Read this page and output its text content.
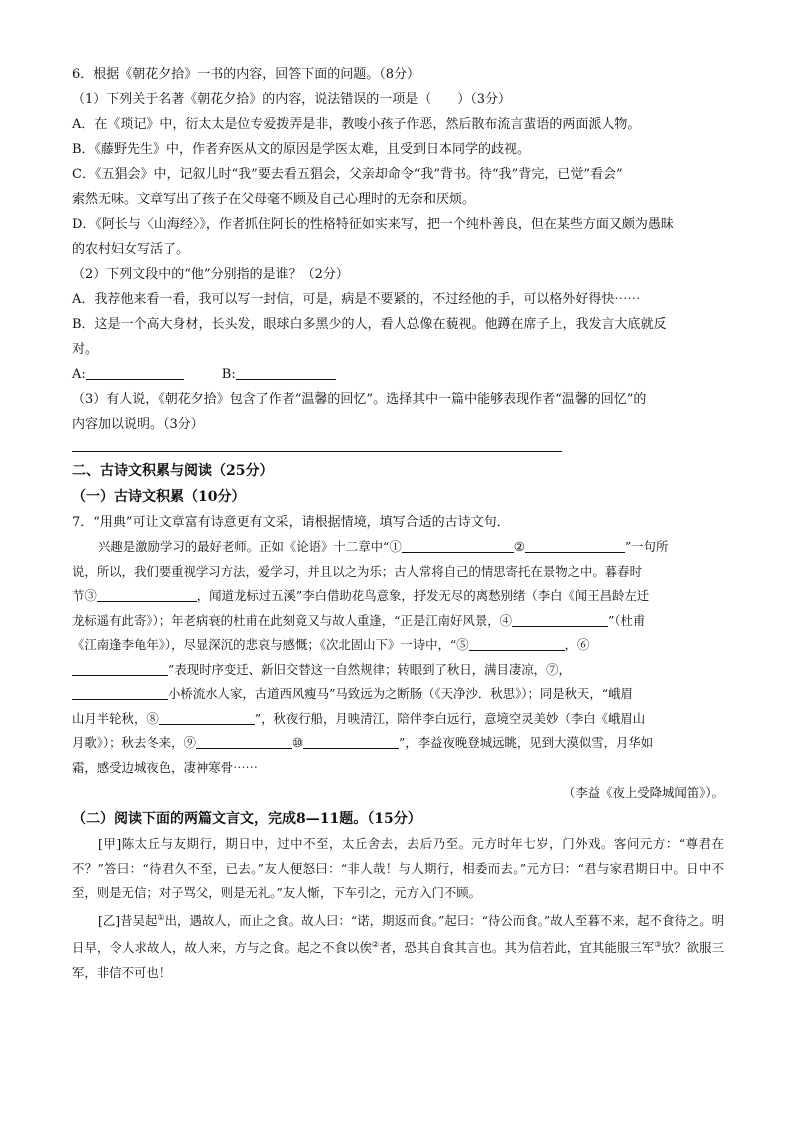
6．根据《朝花夕拾》一书的内容，回答下面的问题。（8分）

（1）下列关于名著《朝花夕拾》的内容，说法错误的一项是（　　）（3分）

A．在《琐记》中，衍太太是位专爱拨弄是非，教唆小孩子作恶，然后散布流言蜚语的两面派人物。

B．《藤野先生》中，作者弃医从文的原因是学医太难，且受到日本同学的歧视。

C．《五猖会》中，记叙儿时“我”要去看五猖会，父亲却命令“我”背书。待“我”背完，已觉”看会”

索然无味。文章写出了孩子在父母毫不顾及自己心理时的无奈和厌烦。

D．《阿长与〈山海经〉》，作者抓住阿长的性格特征如实来写，把一个纯朴善良，但在某些方面又颇为愚昧

的农村妇女写活了。

（2）下列文段中的“他”分别指的是谁？（2分）

A．我荐他来看一看，我可以写一封信，可是，病是不要紧的，不过经他的手，可以格外好得快⋯⋯

B．这是一个高大身材，长头发，眼球白多黑少的人，看人总像在藐视。他蹲在席子上，我发言大底就反

对。

A:	B:

（3）有人说，《朝花夕拾》包含了作者“温馨的回忆”。选择其中一篇中能够表现作者“温馨的回忆”的

内容加以说明。（3分）

二、古诗文积累与阅读（25分）

（一）古诗文积累（10分）

7．“用典”可让文章富有诗意更有文采，请根据情境，填写合适的古诗文句．

兴趣是激励学习的最好老师。正如《论语》十二章中“①	②	”一句所

说，所以，我们要重视学习方法，爱学习，并且以之为乐；古人常将自己的情思寄托在景物之中。暮春时

节③	，闻道龙标过五溪”李白借助花鸟意象，抒发无尽的离愁别绪（李白《闻王昌龄左迁

龙标遥有此寄》）；年老病衰的杜甫在此刻竟又与故人重逢，“正是江南好风景，④	”（杜甫

《江南逢李龟年》），尽显深沉的悲哀与感慨；《次北固山下》一诗中，“⑤	，⑥

”表现时序变迁、新旧交替这一自然规律；转眼到了秋日，满目凄凉，⑦，

小桥流水人家，古道西风瘦马”马致远为之断肠（《天净沙．秋思》）；同是秋天，“峨眉

山月半轮秋，⑧	”，秋夜行船，月映清江，陪伴李白远行，意境空灵美妙（李白《峨眉山

月歌》）；秋去冬来，⑨	⑩	”，李益夜晚登城远眺，见到大漠似雪，月华如

霜，感受边城夜色，凄神寒骨⋯⋯

（李益《夜上受降城闻笛》）。

（二）阅读下面的两篇文言文，完成8—11题。（15分）

[甲]陈太丘与友期行，期日中，过中不至，太丘舍去，去后乃至。元方时年七岁，门外戏。客问元方：“尊君在不？”答曰：“待君久不至，已去。”友人便怒曰：“非人哉！与人期行，相委而去。”元方曰：“君与家君期日中。日中不至，则是无信；对子骂父，则是无礼。”友人惭，下车引之，元方入门不顾。

[乙]昔吴起①出，遇故人，而止之食。故人曰：“诺，期返而食。”起曰：“待公而食。”故人至暮不来，起不食待之。明日早，令人求故人，故人来，方与之食。起之不食以俟②者，恐其自食其言也。其为信若此，宜其能服三军③欤？欲服三军，非信不可也！
